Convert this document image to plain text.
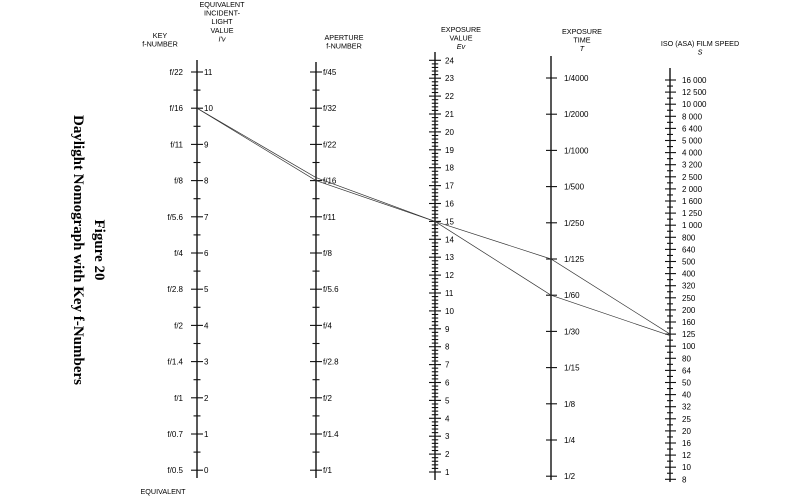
Figure 20
Daylight Nomograph with Key f-Numbers
KEY
f-NUMBER
EQUIVALENT
INCIDENT-
LIGHT
VALUE
I'v	APERTURE
f-NUMBER
EXPOSURE
VALUE
Ev
EXPOSURE
TIME
T
ISO (ASA) FILM SPEED
S
f/22	11
f/16	10
f/11	9
f/8	8
f/5.6	7
f/4	6
f/2.8	5
f/2	4
f/1.4	3
f/1	2
f/0.7	1
f/0.5	0
f/45
f/32
f/22
f/16
f/11
f/8
f/5.6
f/4
f/2.8
f/2
f/1.4
f/1
24
23
22
21
20
19
18
17
16
15
14
13
12
11
10
9
8
7
6
5
4
3
2
1
1/4000
1/2000
1/1000
1/500
1/250
1/125
1/60
1/30
1/15
1/8
1/4
1/2
16 000
12 500
10 000
8 000
6 400
5 000
4 000
3 200
2 500
2 000
1 600
1 250
1 000
800
640
500
400
320
250
200
160
125
100
80
64
50
40
32
25
20
16
12
10
8
EQUIVALENT
